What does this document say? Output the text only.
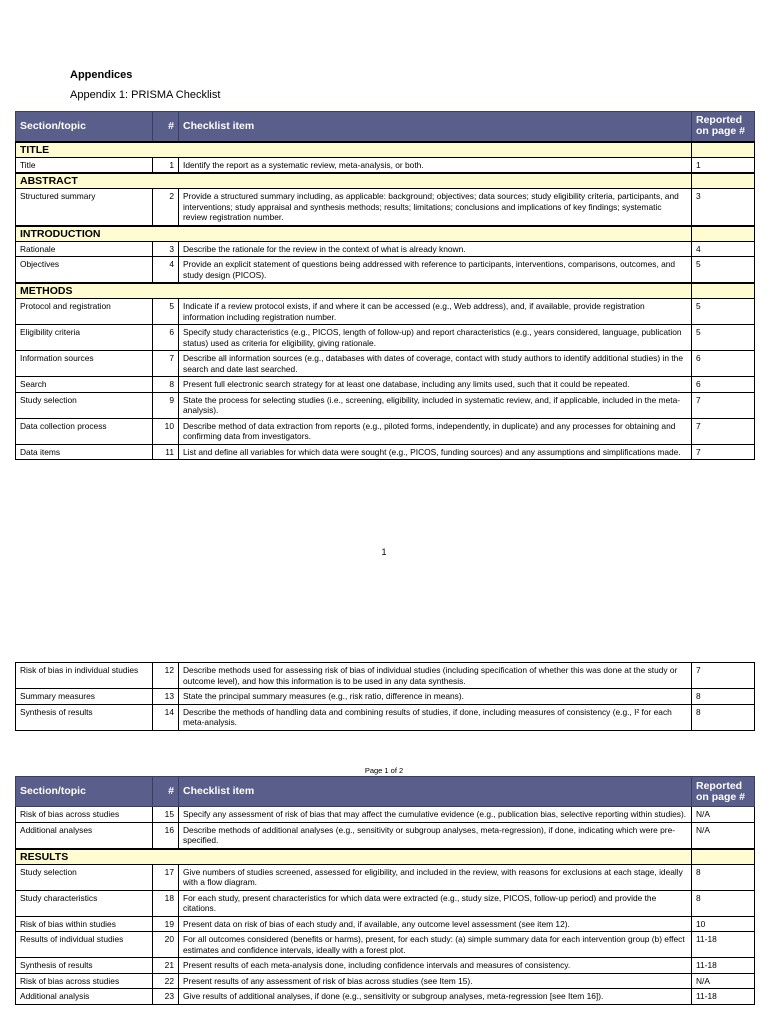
Appendices
Appendix 1: PRISMA Checklist
Section/topic	#	Checklist item	Reported
on page #
TITLE			
Title	1	Identify the report as a systematic review, meta-analysis, or both.	1
ABSTRACT			
Structured summary	2	Provide a structured summary including, as applicable: background; objectives; data sources; study eligibility criteria, participants, and interventions; study appraisal and synthesis methods; results; limitations; conclusions and implications of key findings; systematic review registration number.	3
INTRODUCTION			
Rationale	3	Describe the rationale for the review in the context of what is already known.	4
Objectives	4	Provide an explicit statement of questions being addressed with reference to participants, interventions, comparisons, outcomes, and study design (PICOS).	5
METHODS			
Protocol and registration	5	Indicate if a review protocol exists, if and where it can be accessed (e.g., Web address), and, if available, provide registration information including registration number.	5
Eligibility criteria	6	Specify study characteristics (e.g., PICOS, length of follow-up) and report characteristics (e.g., years considered, language, publication status) used as criteria for eligibility, giving rationale.	5
Information sources	7	Describe all information sources (e.g., databases with dates of coverage, contact with study authors to identify additional studies) in the search and date last searched.	6
Search	8	Present full electronic search strategy for at least one database, including any limits used, such that it could be repeated.	6
Study selection	9	State the process for selecting studies (i.e., screening, eligibility, included in systematic review, and, if applicable, included in the meta-analysis).	7
Data collection process	10	Describe method of data extraction from reports (e.g., piloted forms, independently, in duplicate) and any processes for obtaining and confirming data from investigators.	7
Data items	11	List and define all variables for which data were sought (e.g., PICOS, funding sources) and any assumptions and simplifications made.	7
1
Risk of bias in individual studies	12	Describe methods used for assessing risk of bias of individual studies (including specification of whether this was done at the study or outcome level), and how this information is to be used in any data synthesis.	7
Summary measures	13	State the principal summary measures (e.g., risk ratio, difference in means).	8
Synthesis of results	14	Describe the methods of handling data and combining results of studies, if done, including measures of consistency (e.g., I² for each meta-analysis.	8
Page 1 of 2
Section/topic	#	Checklist item	Reported
on page #
Risk of bias across studies	15	Specify any assessment of risk of bias that may affect the cumulative evidence (e.g., publication bias, selective reporting within studies).	N/A
Additional analyses	16	Describe methods of additional analyses (e.g., sensitivity or subgroup analyses, meta-regression), if done, indicating which were pre-specified.	N/A
RESULTS			
Study selection	17	Give numbers of studies screened, assessed for eligibility, and included in the review, with reasons for exclusions at each stage, ideally with a flow diagram.	8
Study characteristics	18	For each study, present characteristics for which data were extracted (e.g., study size, PICOS, follow-up period) and provide the citations.	8
Risk of bias within studies	19	Present data on risk of bias of each study and, if available, any outcome level assessment (see item 12).	10
Results of individual studies	20	For all outcomes considered (benefits or harms), present, for each study: (a) simple summary data for each intervention group (b) effect estimates and confidence intervals, ideally with a forest plot.	11-18
Synthesis of results	21	Present results of each meta-analysis done, including confidence intervals and measures of consistency.	11-18
Risk of bias across studies	22	Present results of any assessment of risk of bias across studies (see Item 15).	N/A
Additional analysis	23	Give results of additional analyses, if done (e.g., sensitivity or subgroup analyses, meta-regression [see Item 16]).	11-18
